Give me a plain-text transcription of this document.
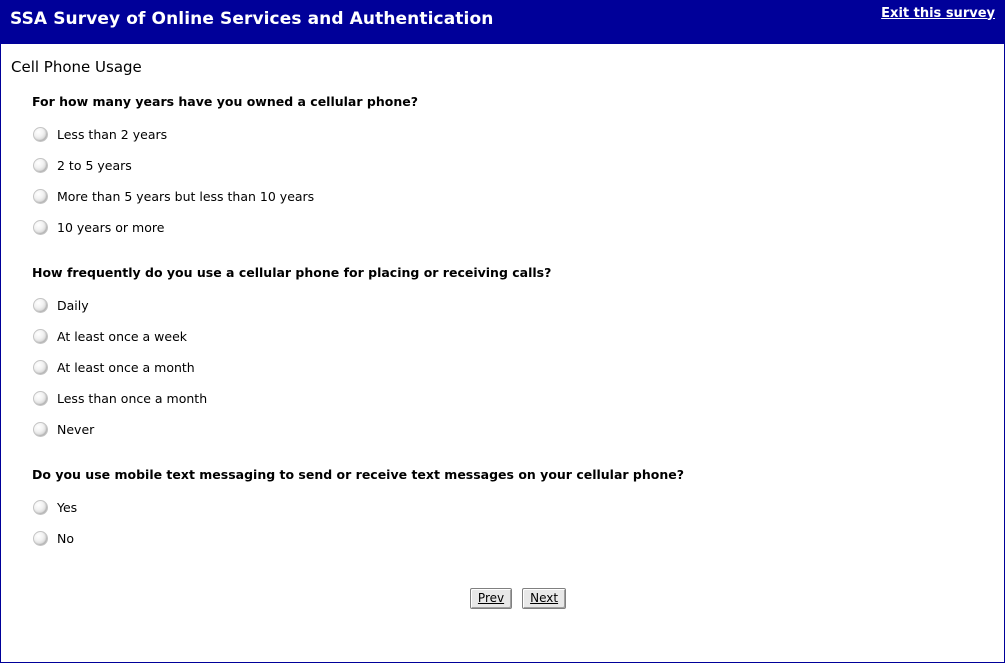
SSA Survey of Online Services and Authentication	Exit this survey
Cell Phone Usage
For how many years have you owned a cellular phone?
Less than 2 years
2 to 5 years
More than 5 years but less than 10 years
10 years or more
How frequently do you use a cellular phone for placing or receiving calls?
Daily
At least once a week
At least once a month
Less than once a month
Never
Do you use mobile text messaging to send or receive text messages on your cellular phone?
Yes
No
Prev	Next
